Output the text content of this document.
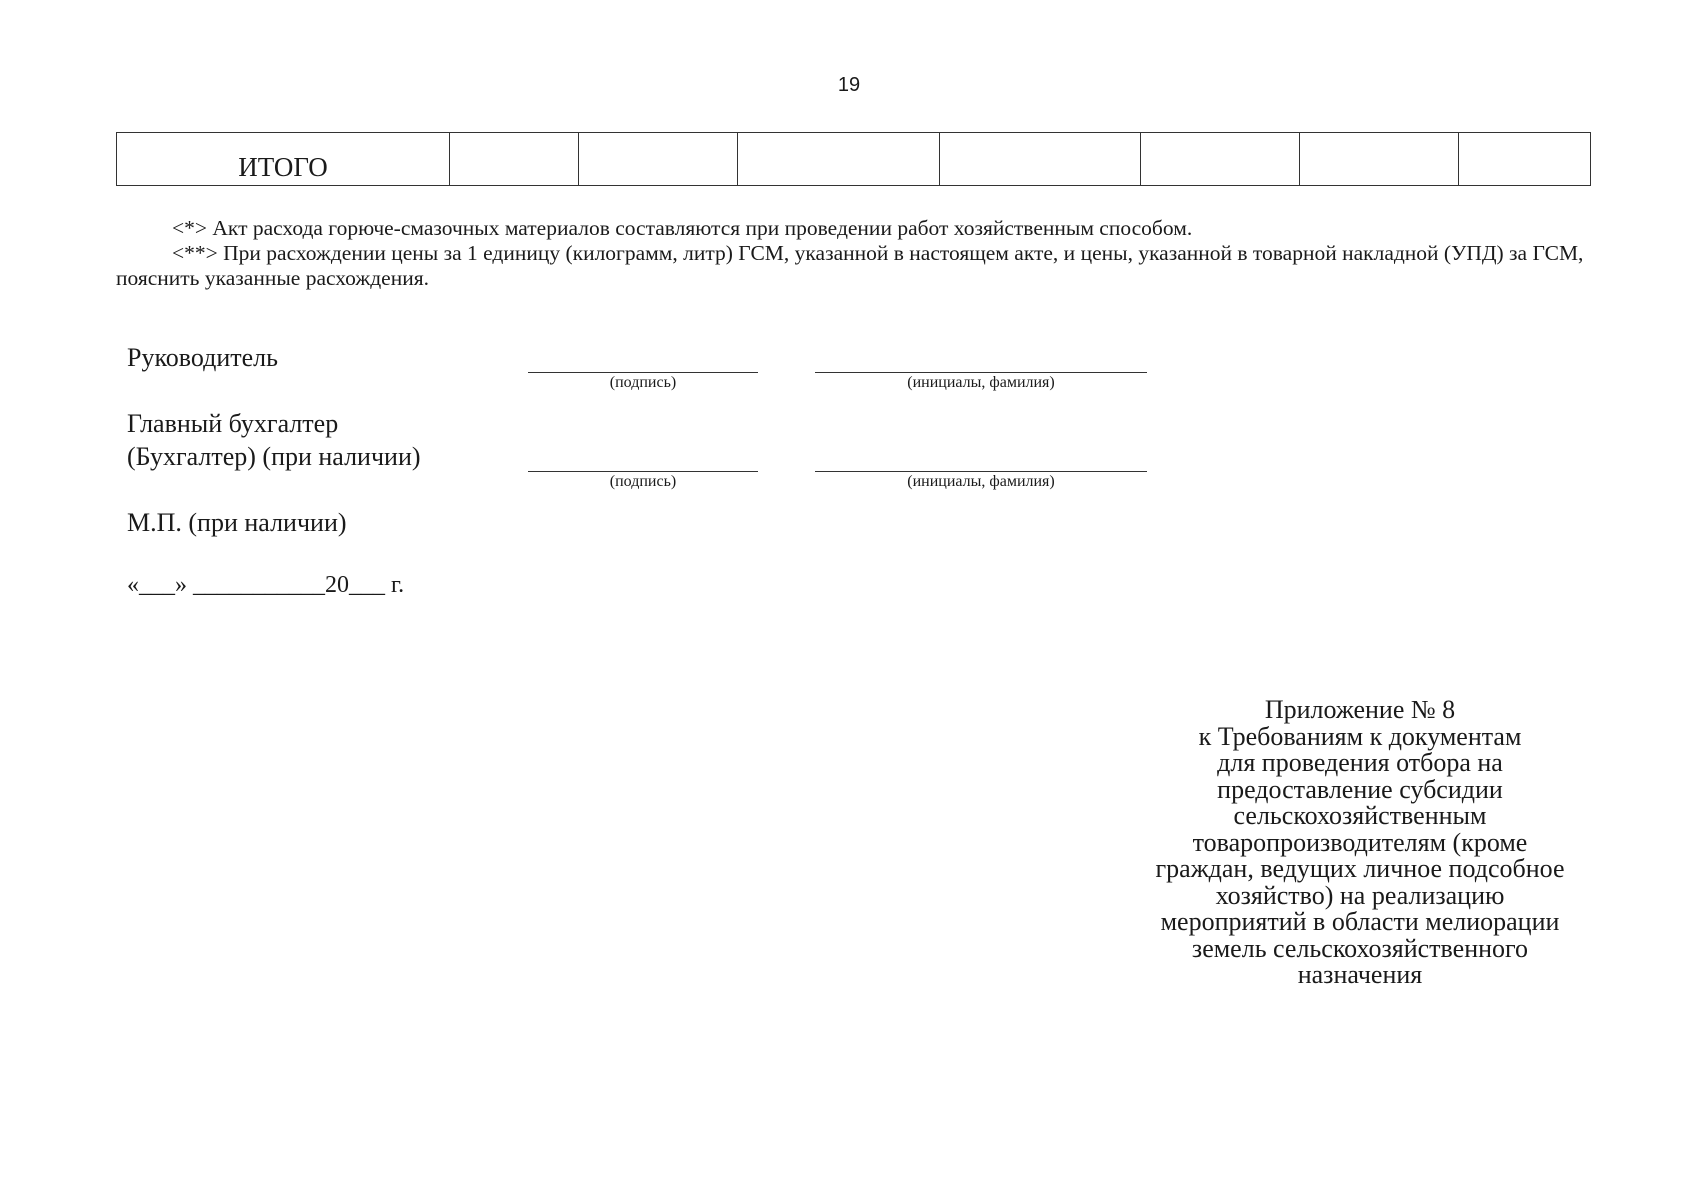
19
ИТОГО							

<*> Акт расхода горюче-смазочных материалов составляются при проведении работ хозяйственным способом.

<**> При расхождении цены за 1 единицу (килограмм, литр) ГСМ, указанной в настоящем акте, и цены, указанной в товарной накладной (УПД) за ГСМ, пояснить указанные расхождения.

Руководитель
(подпись)	(инициалы, фамилия)
Главный бухгалтер
(Бухгалтер) (при наличии)
(подпись)	(инициалы, фамилия)
М.П. (при наличии)
«___» ___________20___ г.
Приложение № 8
к Требованиям к документам
для проведения отбора на
предоставление субсидии
сельскохозяйственным
товаропроизводителям (кроме
граждан, ведущих личное подсобное
хозяйство) на реализацию
мероприятий в области мелиорации
земель сельскохозяйственного
назначения
